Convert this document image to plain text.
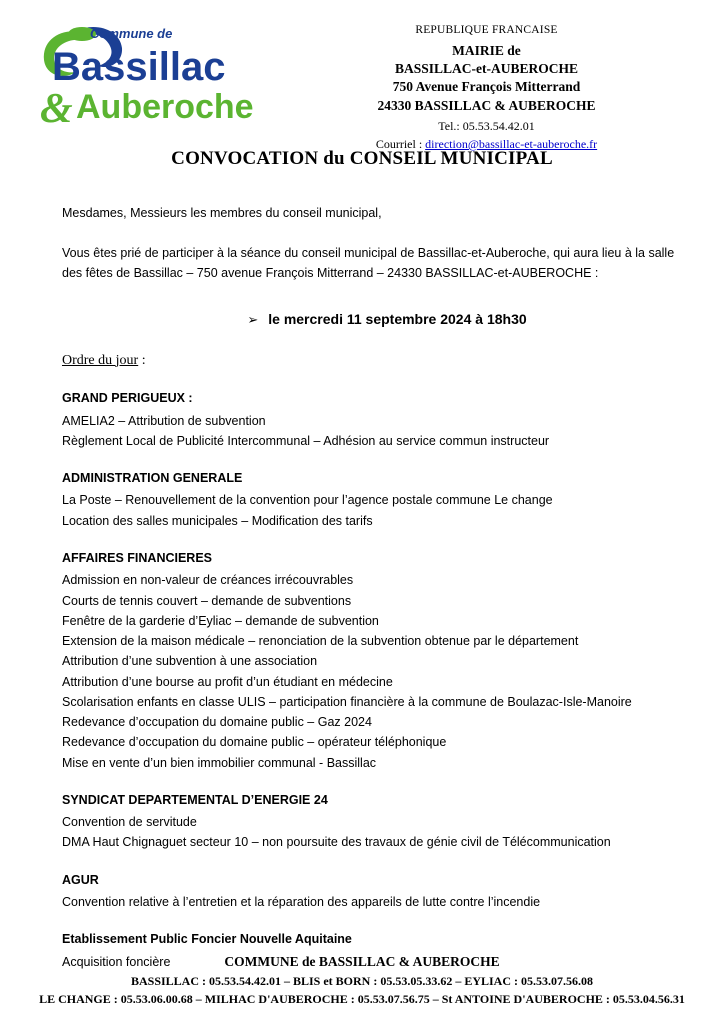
Commune de
Bassillac
& Auberoche
REPUBLIQUE FRANCAISE
MAIRIE de
BASSILLAC-et-AUBEROCHE
750 Avenue François Mitterrand
24330 BASSILLAC & AUBEROCHE
Tel.: 05.53.54.42.01
Courriel : direction@bassillac-et-auberoche.fr
CONVOCATION du CONSEIL MUNICIPAL
Mesdames, Messieurs les membres du conseil municipal,
Vous êtes prié de participer à la séance du conseil municipal de Bassillac-et-Auberoche, qui aura lieu à la salle des fêtes de Bassillac – 750 avenue François Mitterrand – 24330 BASSILLAC-et-AUBEROCHE :
➢ le mercredi 11 septembre 2024 à 18h30
Ordre du jour :
GRAND PERIGUEUX :
AMELIA2 – Attribution de subvention
Règlement Local de Publicité Intercommunal – Adhésion au service commun instructeur
ADMINISTRATION GENERALE
La Poste – Renouvellement de la convention pour l’agence postale commune Le change
Location des salles municipales – Modification des tarifs
AFFAIRES FINANCIERES
Admission en non-valeur de créances irrécouvrables
Courts de tennis couvert – demande de subventions
Fenêtre de la garderie d’Eyliac – demande de subvention
Extension de la maison médicale – renonciation de la subvention obtenue par le département
Attribution d’une subvention à une association
Attribution d’une bourse au profit d’un étudiant en médecine
Scolarisation enfants en classe ULIS – participation financière à la commune de Boulazac-Isle-Manoire
Redevance d’occupation du domaine public – Gaz 2024
Redevance d’occupation du domaine public – opérateur téléphonique
Mise en vente d’un bien immobilier communal - Bassillac
SYNDICAT DEPARTEMENTAL D’ENERGIE 24
Convention de servitude
DMA Haut Chignaguet secteur 10 – non poursuite des travaux de génie civil de Télécommunication
AGUR
Convention relative à l’entretien et la réparation des appareils de lutte contre l’incendie
Etablissement Public Foncier Nouvelle Aquitaine
Acquisition foncière	COMMUNE de BASSILLAC & AUBEROCHE
BASSILLAC : 05.53.54.42.01 – BLIS et BORN : 05.53.05.33.62 – EYLIAC : 05.53.07.56.08
LE CHANGE : 05.53.06.00.68 – MILHAC D'AUBEROCHE : 05.53.07.56.75 – St ANTOINE D'AUBEROCHE : 05.53.04.56.31
